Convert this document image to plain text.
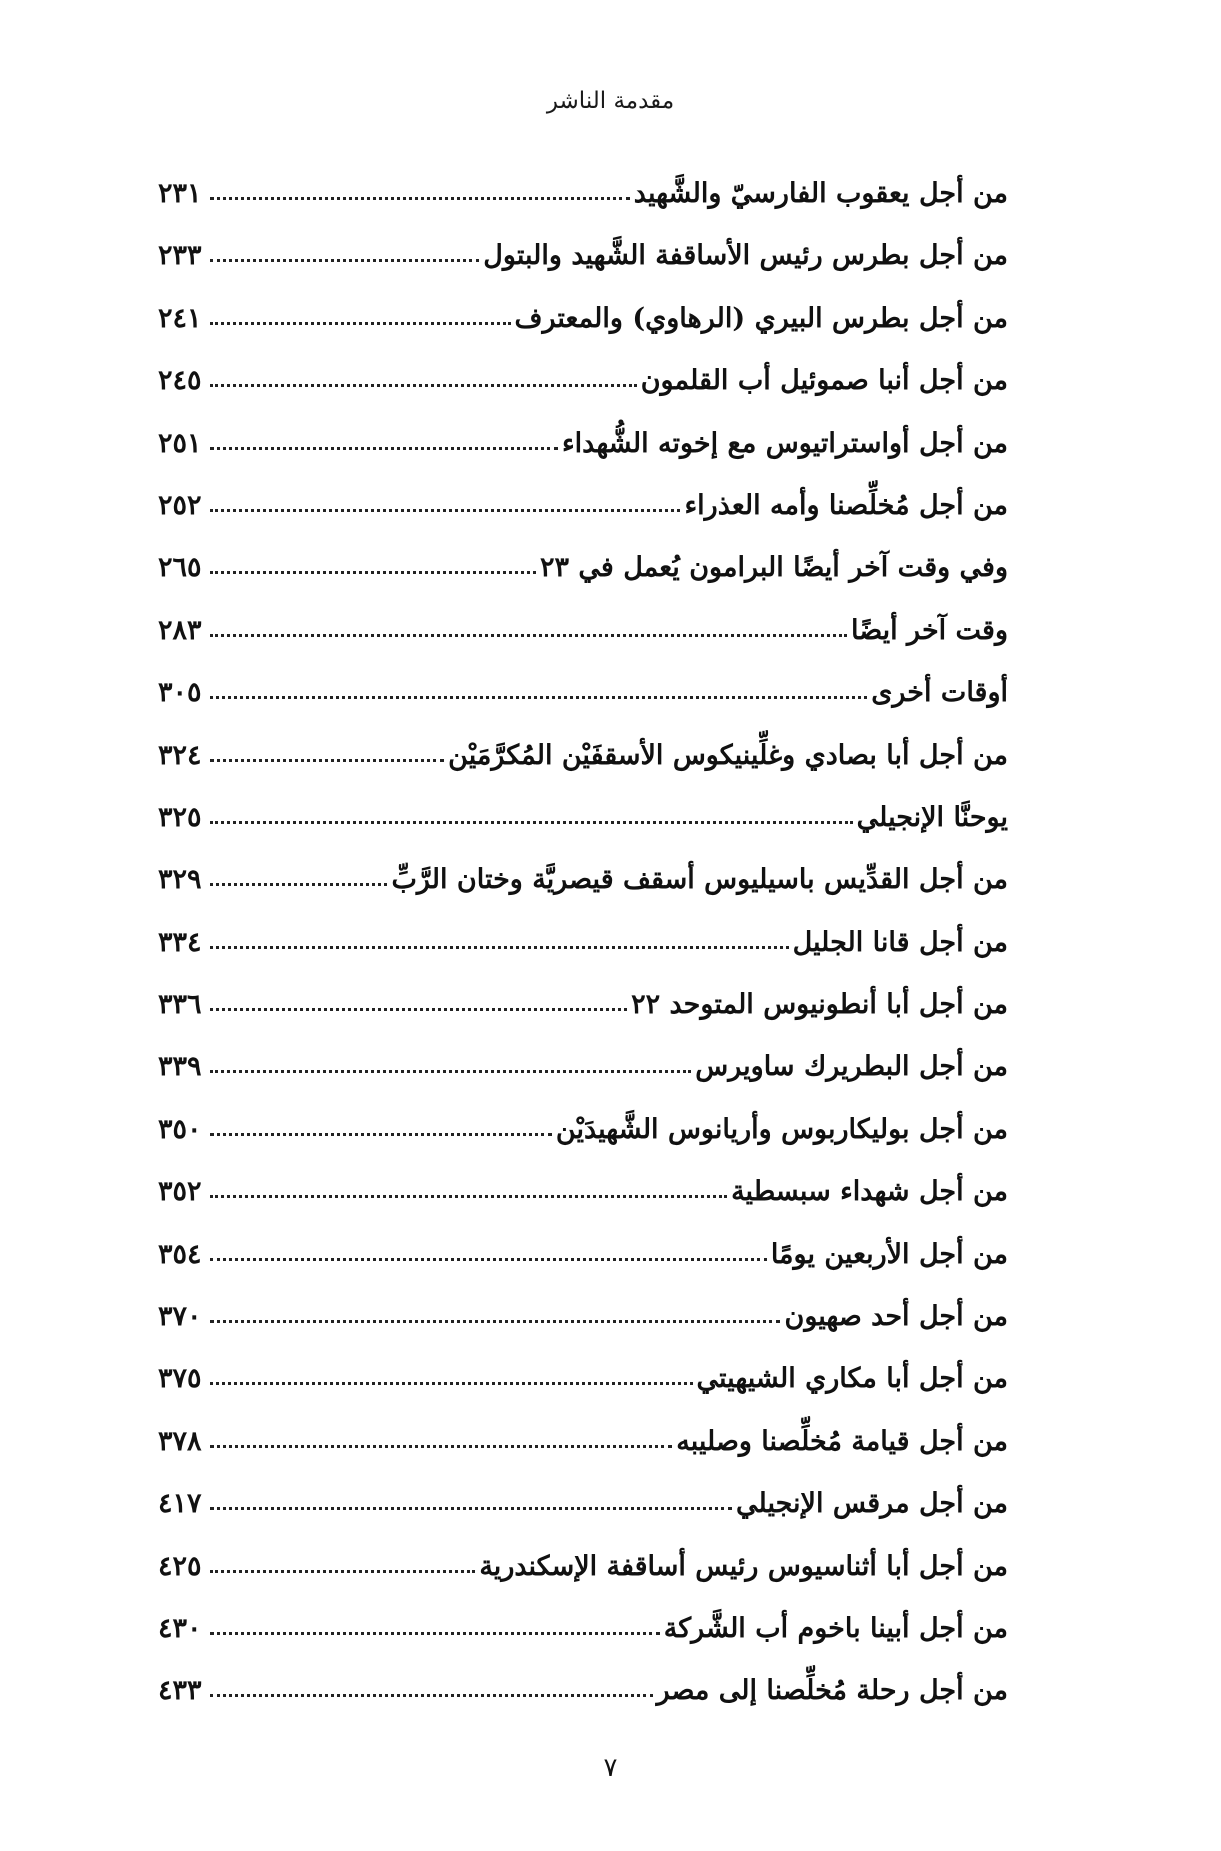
مقدمة الناشر
من أجل يعقوب الفارسيّ والشَّهيد
٢٣١
من أجل بطرس رئيس الأساقفة الشَّهيد والبتول
٢٣٣
من أجل بطرس البيري (الرهاوي) والمعترف
٢٤١
من أجل أنبا صموئيل أب القلمون
٢٤٥
من أجل أواستراتيوس مع إخوته الشُّهداء
٢٥١
من أجل مُخلِّصنا وأمه العذراء
٢٥٢
وفي وقت آخر أيضًا البرامون يُعمل في ٢٣
٢٦٥
وقت آخر أيضًا
٢٨٣
أوقات أخرى
٣٠٥
من أجل أبا بصادي وغلِّينيكوس الأسقفَيْن المُكرَّمَيْن
٣٢٤
يوحنَّا الإنجيلي
٣٢٥
من أجل القدِّيس باسيليوس أسقف قيصريَّة وختان الرَّبِّ
٣٢٩
من أجل قانا الجليل
٣٣٤
من أجل أبا أنطونيوس المتوحد ٢٢
٣٣٦
من أجل البطريرك ساويرس
٣٣٩
من أجل بوليكاربوس وأريانوس الشَّهيدَيْن
٣٥٠
من أجل شهداء سبسطية
٣٥٢
من أجل الأربعين يومًا
٣٥٤
من أجل أحد صهيون
٣٧٠
من أجل أبا مكاري الشيهيتي
٣٧٥
من أجل قيامة مُخلِّصنا وصليبه
٣٧٨
من أجل مرقس الإنجيلي
٤١٧
من أجل أبا أثناسيوس رئيس أساقفة الإسكندرية
٤٢٥
من أجل أبينا باخوم أب الشَّركة
٤٣٠
من أجل رحلة مُخلِّصنا إلى مصر
٤٣٣
٧
